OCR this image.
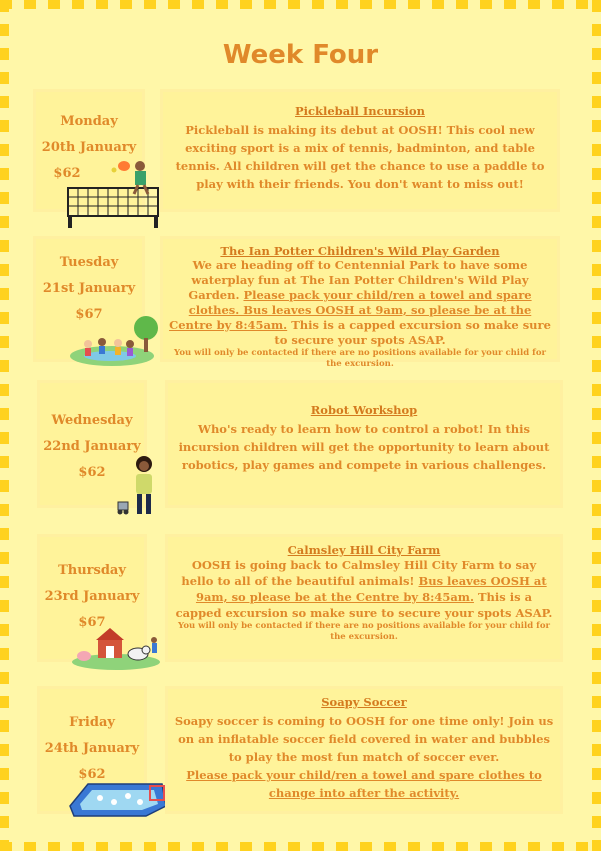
Week Four
Monday
20th January
$62
Pickleball Incursion
Pickleball is making its debut at OOSH! This cool new exciting sport is a mix of tennis, badminton, and table tennis. All children will get the chance to use a paddle to play with their friends. You don't want to miss out!
Tuesday
21st January
$67
The Ian Potter Children's Wild Play Garden
We are heading off to Centennial Park to have some waterplay fun at The Ian Potter Children's Wild Play Garden. Please pack your child/ren a towel and spare clothes. Bus leaves OOSH at 9am, so please be at the Centre by 8:45am. This is a capped excursion so make sure to secure your spots ASAP.
You will only be contacted if there are no positions available for your child for the excursion.
Wednesday
22nd January
$62
Robot Workshop
Who's ready to learn how to control a robot! In this incursion children will get the opportunity to learn about robotics, play games and compete in various challenges.
Thursday
23rd January
$67
Calmsley Hill City Farm
OOSH is going back to Calmsley Hill City Farm to say hello to all of the beautiful animals! Bus leaves OOSH at 9am, so please be at the Centre by 8:45am. This is a capped excursion so make sure to secure your spots ASAP.
You will only be contacted if there are no positions available for your child for the excursion.
Friday
24th January
$62
Soapy Soccer
Soapy soccer is coming to OOSH for one time only! Join us on an inflatable soccer field covered in water and bubbles to play the most fun match of soccer ever.
Please pack your child/ren a towel and spare clothes to change into after the activity.
